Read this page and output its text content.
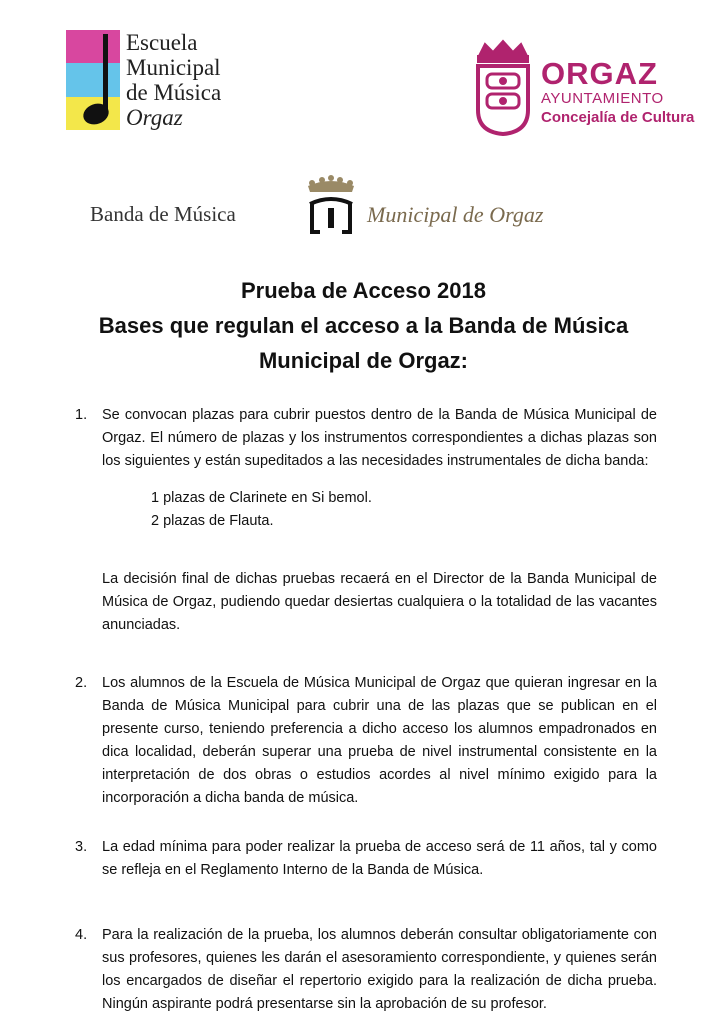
Escuela
Municipal
de Música
Orgaz
ORGAZ
AYUNTAMIENTO
Concejalía de Cultura
Banda de Música	Municipal de Orgaz
Prueba de Acceso 2018
Bases que regulan el acceso a la Banda de Música
Municipal de Orgaz:
1. Se convocan plazas para cubrir puestos dentro de la Banda de Música Municipal de Orgaz. El número de plazas y los instrumentos correspondientes a dichas plazas son los siguientes y están supeditados a las necesidades instrumentales de dicha banda:
1 plazas de Clarinete en Si bemol.
2 plazas de Flauta.
La decisión final de dichas pruebas recaerá en el Director de la Banda Municipal de Música de Orgaz, pudiendo quedar desiertas cualquiera o la totalidad de las vacantes anunciadas.
2. Los alumnos de la Escuela de Música Municipal de Orgaz que quieran ingresar en la Banda de Música Municipal para cubrir una de las plazas que se publican en el presente curso, teniendo preferencia a dicho acceso los alumnos empadronados en dica localidad, deberán superar una prueba de nivel instrumental consistente en la interpretación de dos obras o estudios acordes al nivel mínimo exigido para la incorporación a dicha banda de música.
3. La edad mínima para poder realizar la prueba de acceso será de 11 años, tal y como se refleja en el Reglamento Interno de la Banda de Música.
4. Para la realización de la prueba, los alumnos deberán consultar obligatoriamente con sus profesores, quienes les darán el asesoramiento correspondiente, y quienes serán los encargados de diseñar el repertorio exigido para la realización de dicha prueba. Ningún aspirante podrá presentarse sin la aprobación de su profesor.
